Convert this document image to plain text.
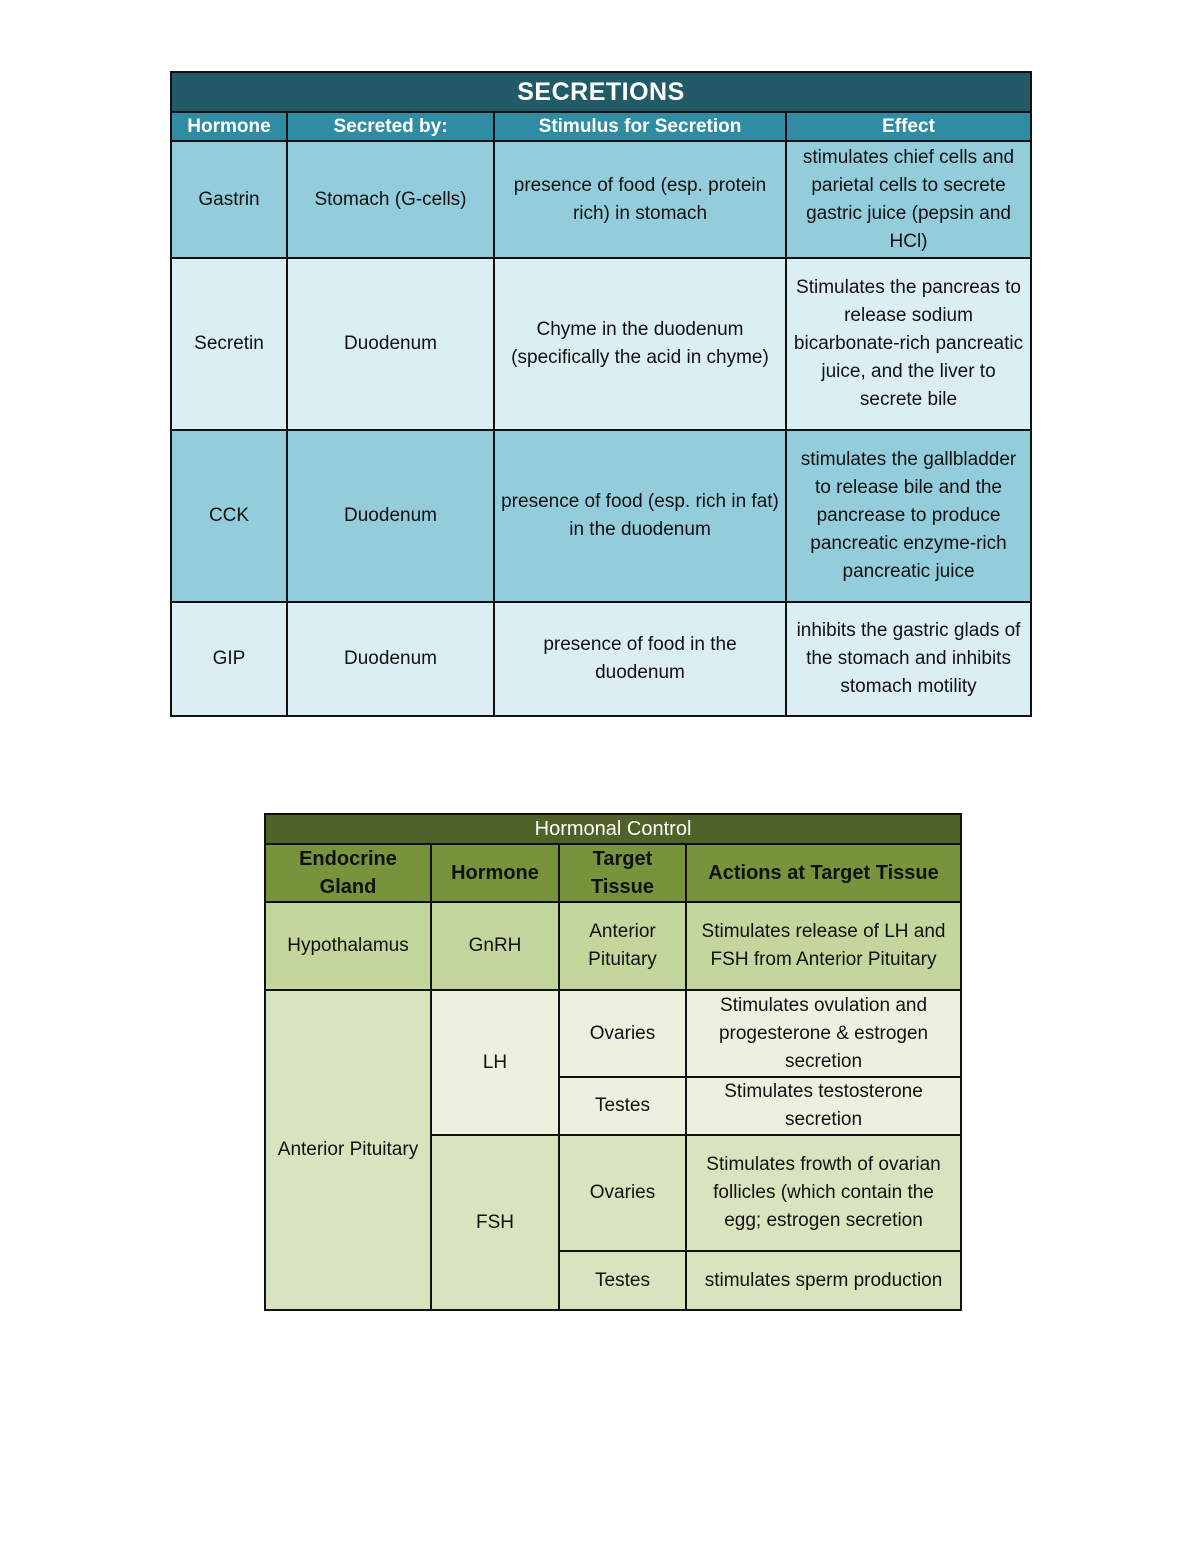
SECRETIONS			
Hormone	Secreted by:	Stimulus for Secretion	Effect
Gastrin	Stomach (G-cells)	presence of food (esp. protein rich) in stomach	stimulates chief cells and parietal cells to secrete gastric juice (pepsin and HCl)
Secretin	Duodenum	Chyme in the duodenum (specifically the acid in chyme)	Stimulates the pancreas to release sodium bicarbonate-rich pancreatic juice, and the liver to secrete bile
CCK	Duodenum	presence of food (esp. rich in fat) in the duodenum	stimulates the gallbladder to release bile and the pancrease to produce pancreatic enzyme-rich pancreatic juice
GIP	Duodenum	presence of food in the duodenum	inhibits the gastric glads of the stomach and inhibits stomach motility
Hormonal Control			
Endocrine Gland	Hormone	Target Tissue	Actions at Target Tissue
Hypothalamus	GnRH	Anterior Pituitary	Stimulates release of LH and FSH from Anterior Pituitary
Anterior Pituitary	LH	Ovaries	Stimulates ovulation and progesterone & estrogen secretion
		Testes	Stimulates testosterone secretion
	FSH	Ovaries	Stimulates frowth of ovarian follicles (which contain the egg; estrogen secretion
		Testes	stimulates sperm production
